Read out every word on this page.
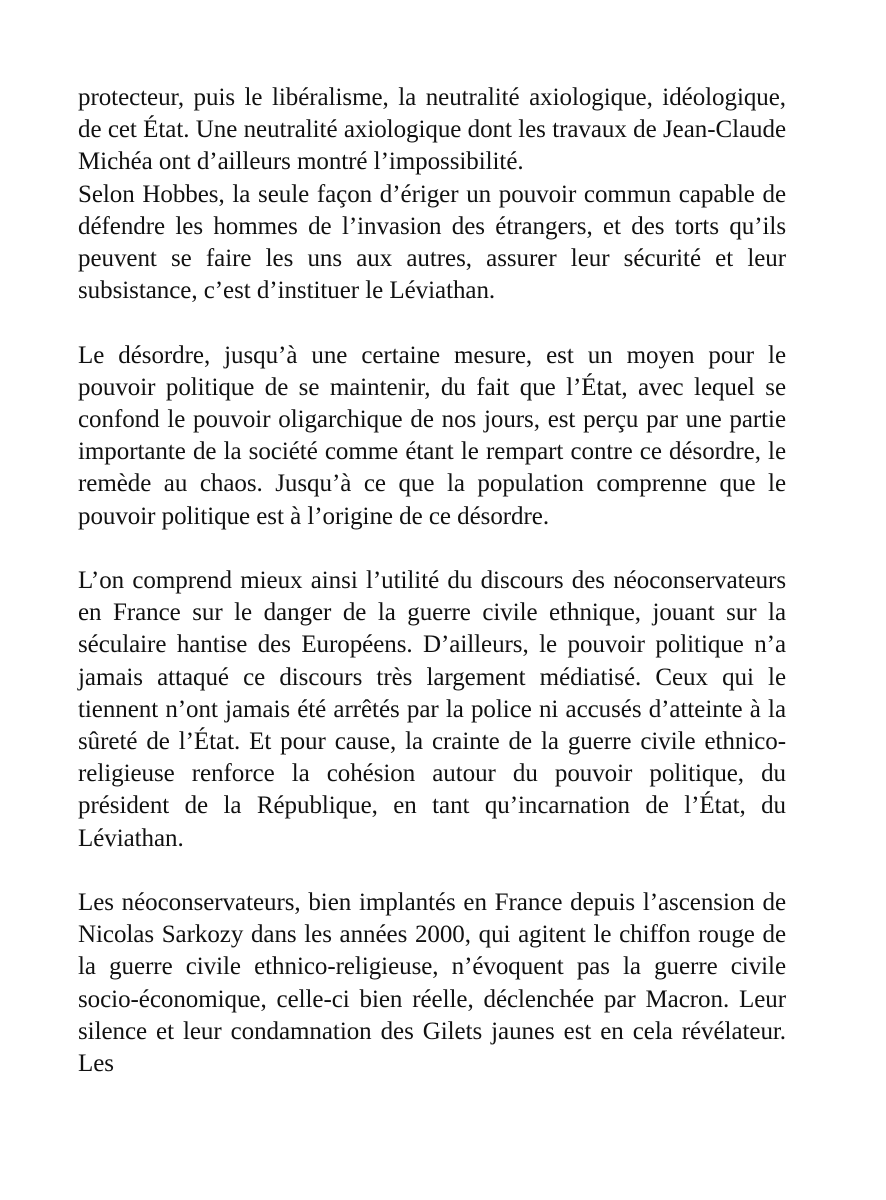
protecteur, puis le libéralisme, la neutralité axiologique, idéologique, de cet État. Une neutralité axiologique dont les travaux de Jean-Claude Michéa ont d’ailleurs montré l’impossibilité.

Selon Hobbes, la seule façon d’ériger un pouvoir commun capable de défendre les hommes de l’invasion des étrangers, et des torts qu’ils peuvent se faire les uns aux autres, assurer leur sécurité et leur subsistance, c’est d’instituer le Léviathan.

Le désordre, jusqu’à une certaine mesure, est un moyen pour le pouvoir politique de se maintenir, du fait que l’État, avec lequel se confond le pouvoir oligarchique de nos jours, est perçu par une partie importante de la société comme étant le rempart contre ce désordre, le remède au chaos. Jusqu’à ce que la population comprenne que le pouvoir politique est à l’origine de ce désordre.

L’on comprend mieux ainsi l’utilité du discours des néoconservateurs en France sur le danger de la guerre civile ethnique, jouant sur la séculaire hantise des Européens. D’ailleurs, le pouvoir politique n’a jamais attaqué ce discours très largement médiatisé. Ceux qui le tiennent n’ont jamais été arrêtés par la police ni accusés d’atteinte à la sûreté de l’État. Et pour cause, la crainte de la guerre civile ethnico-religieuse renforce la cohésion autour du pouvoir politique, du président de la République, en tant qu’incarnation de l’État, du Léviathan.

Les néoconservateurs, bien implantés en France depuis l’ascension de Nicolas Sarkozy dans les années 2000, qui agitent le chiffon rouge de la guerre civile ethnico-religieuse, n’évoquent pas la guerre civile socio-économique, celle-ci bien réelle, déclenchée par Macron. Leur silence et leur condamnation des Gilets jaunes est en cela révélateur. Les
